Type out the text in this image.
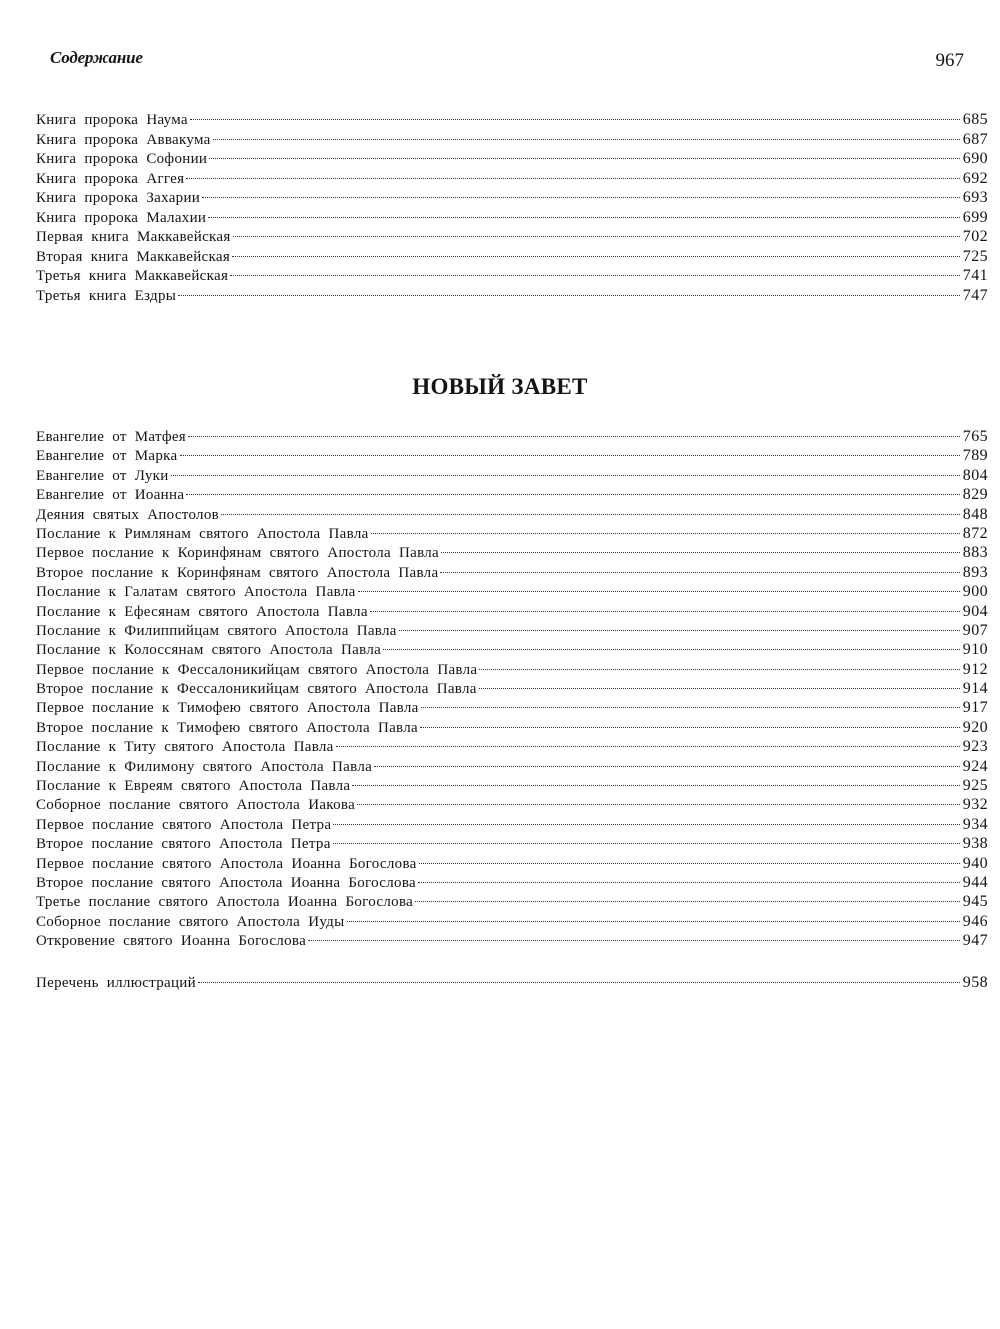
Содержание	967
Книга пророка Наума	685
Книга пророка Аввакума	687
Книга пророка Софонии	690
Книга пророка Аггея	692
Книга пророка Захарии	693
Книга пророка Малахии	699
Первая книга Маккавейская	702
Вторая книга Маккавейская	725
Третья книга Маккавейская	741
Третья книга Ездры	747
НОВЫЙ ЗАВЕТ
Евангелие от Матфея	765
Евангелие от Марка	789
Евангелие от Луки	804
Евангелие от Иоанна	829
Деяния святых Апостолов	848
Послание к Римлянам святого Апостола Павла	872
Первое послание к Коринфянам святого Апостола Павла	883
Второе послание к Коринфянам святого Апостола Павла	893
Послание к Галатам святого Апостола Павла	900
Послание к Ефесянам святого Апостола Павла	904
Послание к Филиппийцам святого Апостола Павла	907
Послание к Колоссянам святого Апостола Павла	910
Первое послание к Фессалоникийцам святого Апостола Павла	912
Второе послание к Фессалоникийцам святого Апостола Павла	914
Первое послание к Тимофею святого Апостола Павла	917
Второе послание к Тимофею святого Апостола Павла	920
Послание к Титу святого Апостола Павла	923
Послание к Филимону святого Апостола Павла	924
Послание к Евреям святого Апостола Павла	925
Соборное послание святого Апостола Иакова	932
Первое послание святого Апостола Петра	934
Второе послание святого Апостола Петра	938
Первое послание святого Апостола Иоанна Богослова	940
Второе послание святого Апостола Иоанна Богослова	944
Третье послание святого Апостола Иоанна Богослова	945
Соборное послание святого Апостола Иуды	946
Откровение святого Иоанна Богослова	947
Перечень иллюстраций	958
